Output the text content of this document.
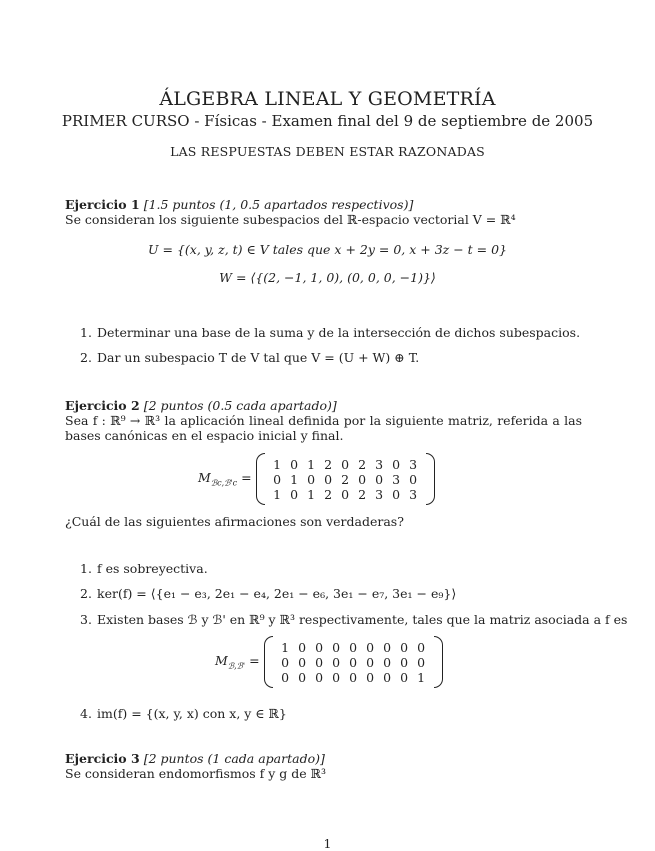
ÁLGEBRA LINEAL Y GEOMETRÍA
PRIMER CURSO - Físicas - Examen final del 9 de septiembre de 2005
LAS RESPUESTAS DEBEN ESTAR RAZONADAS
Ejercicio 1 [1.5 puntos (1, 0.5 apartados respectivos)]
Se consideran los siguiente subespacios del ℝ-espacio vectorial V = ℝ⁴
U = {(x, y, z, t) ∈ V tales que x + 2y = 0, x + 3z − t = 0}
W = ⟨{(2, −1, 1, 0), (0, 0, 0, −1)}⟩
1. Determinar una base de la suma y de la intersección de dichos subespacios.
2. Dar un subespacio T de V tal que V = (U + W) ⊕ T.
Ejercicio 2 [2 puntos (0.5 cada apartado)]
Sea f : ℝ⁹ → ℝ³ la aplicación lineal definida por la siguiente matriz, referida a las bases canónicas en el espacio inicial y final.
$M_{ℬc,ℬ'c}$ =
1 0 1 2 0 2 3 0 3
0 1 0 0 2 0 0 3 0
1 0 1 2 0 2 3 0 3
¿Cuál de las siguientes afirmaciones son verdaderas?
1. f es sobreyectiva.
2. ker(f) = ⟨{e₁ − e₃, 2e₁ − e₄, 2e₁ − e₆, 3e₁ − e₇, 3e₁ − e₉}⟩
3. Existen bases ℬ y ℬ' en ℝ⁹ y ℝ³ respectivamente, tales que la matriz asociada a f es
$M_{ℬ,ℬ'}$ =
1 0 0 0 0 0 0 0 0
0 0 0 0 0 0 0 0 0
0 0 0 0 0 0 0 0 1
4. im(f) = {(x, y, x) con x, y ∈ ℝ}
Ejercicio 3 [2 puntos (1 cada apartado)]
Se consideran endomorfismos f y g de ℝ³
1
